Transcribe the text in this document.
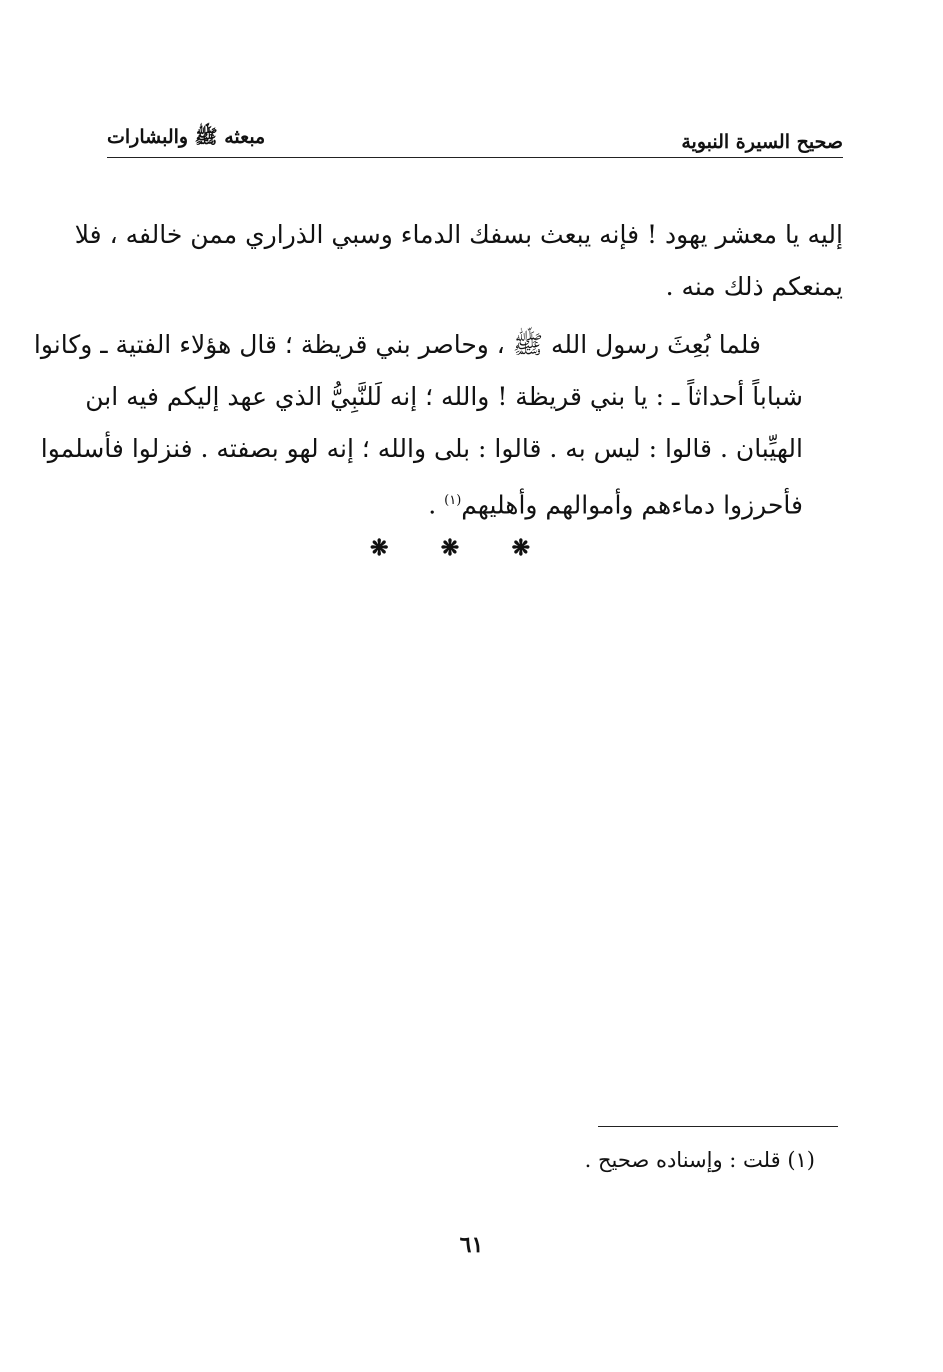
صحيح السيرة النبوية
مبعثه ﷺ والبشارات
إليه يا معشر يهود ! فإنه يبعث بسفك الدماء وسبي الذراري ممن خالفه ، فلا
يمنعكم ذلك منه .
فلما بُعِثَ رسول الله ﷺ ، وحاصر بني قريظة ؛ قال هؤلاء الفتية ـ وكانوا
شباباً أحداثاً ـ : يا بني قريظة ! والله ؛ إنه لَلنَّبِيُّ الذي عهد إليكم فيه ابن
الهيِّبان . قالوا : ليس به . قالوا : بلى والله ؛ إنه لهو بصفته . فنزلوا فأسلموا
فأحرزوا دماءهم وأموالهم وأهليهم$^{(١)}$ .
❋ ❋ ❋
(١) قلت : وإسناده صحيح .
٦١
